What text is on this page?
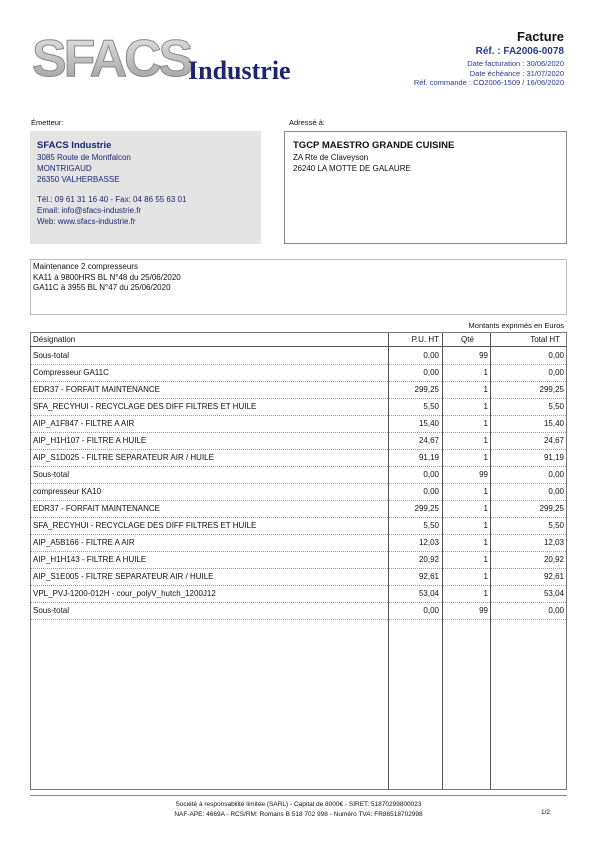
SFACS
Industrie
Facture
Réf. : FA2006-0078
Date facturation : 30/06/2020
Date échéance : 31/07/2020
Réf. commande : CO2006-1509 / 16/06/2020
Émetteur:	Adressé à:
SFACS Industrie
3085 Route de Montfalcon
MONTRIGAUD
26350 VALHERBASSE
Tél.: 09 61 31 16 40 - Fax: 04 86 55 63 01
Email: info@sfacs-industrie.fr
Web: www.sfacs-industrie.fr
TGCP MAESTRO GRANDE CUISINE
ZA Rte de Claveyson
26240 LA MOTTE DE GALAURE
Maintenance 2 compresseurs
KA11 à 9800HRS BL N°48 du 25/06/2020
GA11C à 3955 BL N°47 du 25/06/2020
Montants exprimés en Euros
Désignation	P.U. HT	Qté	Total HT
Sous-total	0,00	99	0,00
Compresseur GA11C	0,00	1	0,00
EDR37 - FORFAIT MAINTENANCE	299,25	1	299,25
SFA_RECYHUI - RECYCLAGE DES DIFF FILTRES ET HUILE	5,50	1	5,50
AIP_A1F847 - FILTRE A AIR	15,40	1	15,40
AIP_H1H107 - FILTRE A HUILE	24,67	1	24,67
AIP_S1D025 - FILTRE SEPARATEUR AIR / HUILE	91,19	1	91,19
Sous-total	0,00	99	0,00
compresseur KA10	0,00	1	0,00
EDR37 - FORFAIT MAINTENANCE	299,25	1	299,25
SFA_RECYHUI - RECYCLAGE DES DIFF FILTRES ET HUILE	5,50	1	5,50
AIP_A5B166 - FILTRE A AIR	12,03	1	12,03
AIP_H1H143 - FILTRE A HUILE	20,92	1	20,92
AIP_S1E005 - FILTRE SEPARATEUR AIR / HUILE	92,61	1	92,61
VPL_PVJ-1200-012H - cour_polyV_hutch_1200J12	53,04	1	53,04
Sous-total	0,00	99	0,00
Société à responsabilité limitée (SARL) - Capital de 8000€ - SIRET: 51870299800023
NAF-APE: 4669A - RCS/RM: Romans B 518 702 998 - Numéro TVA: FR86518702998	1/2
